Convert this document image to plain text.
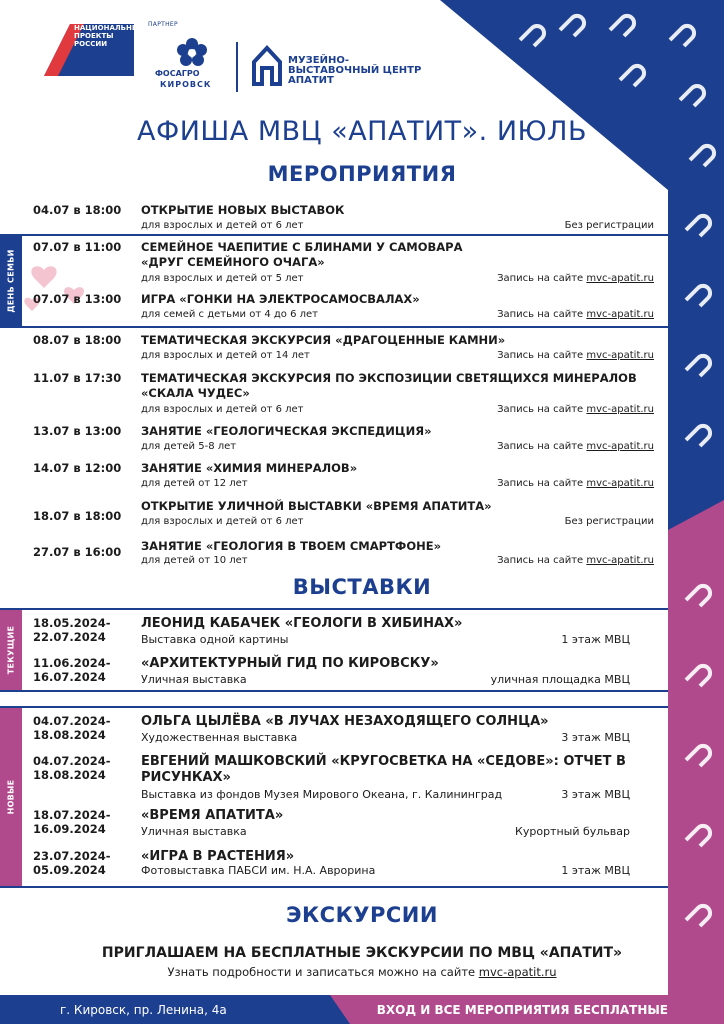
НАЦИОНАЛЬНЫЕ
ПРОЕКТЫ
РОССИИ
ПАРТНЕР
ФОСАГРО
КИРОВСК
МУЗЕЙНО-
ВЫСТАВОЧНЫЙ ЦЕНТР
АПАТИТ
АФИША МВЦ «АПАТИТ». ИЮЛЬ
МЕРОПРИЯТИЯ
ДЕНЬ СЕМЬИ
04.07 в 18:00 ОТКРЫТИЕ НОВЫХ ВЫСТАВОК
для взрослых и детей от 6 лет	Без регистрации
07.07 в 11:00 СЕМЕЙНОЕ ЧАЕПИТИЕ С БЛИНАМИ У САМОВАРА «ДРУГ СЕМЕЙНОГО ОЧАГА»
для взрослых и детей от 5 лет	Запись на сайте mvc-apatit.ru
07.07 в 13:00 ИГРА «ГОНКИ НА ЭЛЕКТРОСАМОСВАЛАХ»
для семей с детьми от 4 до 6 лет	Запись на сайте mvc-apatit.ru
08.07 в 18:00 ТЕМАТИЧЕСКАЯ ЭКСКУРСИЯ «ДРАГОЦЕННЫЕ КАМНИ»
для взрослых и детей от 14 лет	Запись на сайте mvc-apatit.ru
11.07 в 17:30 ТЕМАТИЧЕСКАЯ ЭКСКУРСИЯ ПО ЭКСПОЗИЦИИ СВЕТЯЩИХСЯ МИНЕРАЛОВ «СКАЛА ЧУДЕС»
для взрослых и детей от 6 лет	Запись на сайте mvc-apatit.ru
13.07 в 13:00 ЗАНЯТИЕ «ГЕОЛОГИЧЕСКАЯ ЭКСПЕДИЦИЯ»
для детей 5-8 лет	Запись на сайте mvc-apatit.ru
14.07 в 12:00 ЗАНЯТИЕ «ХИМИЯ МИНЕРАЛОВ»
для детей от 12 лет	Запись на сайте mvc-apatit.ru
18.07 в 18:00
ОТКРЫТИЕ УЛИЧНОЙ ВЫСТАВКИ «ВРЕМЯ АПАТИТА»
для взрослых и детей от 6 лет	Без регистрации
27.07 в 16:00 ЗАНЯТИЕ «ГЕОЛОГИЯ В ТВОЕМ СМАРТФОНЕ»
для детей от 10 лет	Запись на сайте mvc-apatit.ru
ВЫСТАВКИ
ТЕКУЩИЕ
18.05.2024-
22.07.2024
ЛЕОНИД КАБАЧЕК «ГЕОЛОГИ В ХИБИНАХ»
Выставка одной картины	1 этаж МВЦ
11.06.2024-
16.07.2024
«АРХИТЕКТУРНЫЙ ГИД ПО КИРОВСКУ»
Уличная выставка	уличная площадка МВЦ
НОВЫЕ
04.07.2024-
18.08.2024
ОЛЬГА ЦЫЛЁВА «В ЛУЧАХ НЕЗАХОДЯЩЕГО СОЛНЦА»
Художественная выставка	3 этаж МВЦ
04.07.2024-
18.08.2024
ЕВГЕНИЙ МАШКОВСКИЙ «КРУГОСВЕТКА НА «СЕДОВЕ»: ОТЧЕТ В РИСУНКАХ»
Выставка из фондов Музея Мирового Океана, г. Калининград	3 этаж МВЦ
18.07.2024-
16.09.2024
«ВРЕМЯ АПАТИТА»
Уличная выставка	Курортный бульвар
23.07.2024-
05.09.2024
«ИГРА В РАСТЕНИЯ»
Фотовыставка ПАБСИ им. Н.А. Аврорина	1 этаж МВЦ
ЭКСКУРСИИ
ПРИГЛАШАЕМ НА БЕСПЛАТНЫЕ ЭКСКУРСИИ ПО МВЦ «АПАТИТ»
Узнать подробности и записаться можно на сайте mvc-apatit.ru
г. Кировск, пр. Ленина, 4а	ВХОД И ВСЕ МЕРОПРИЯТИЯ БЕСПЛАТНЫЕ
